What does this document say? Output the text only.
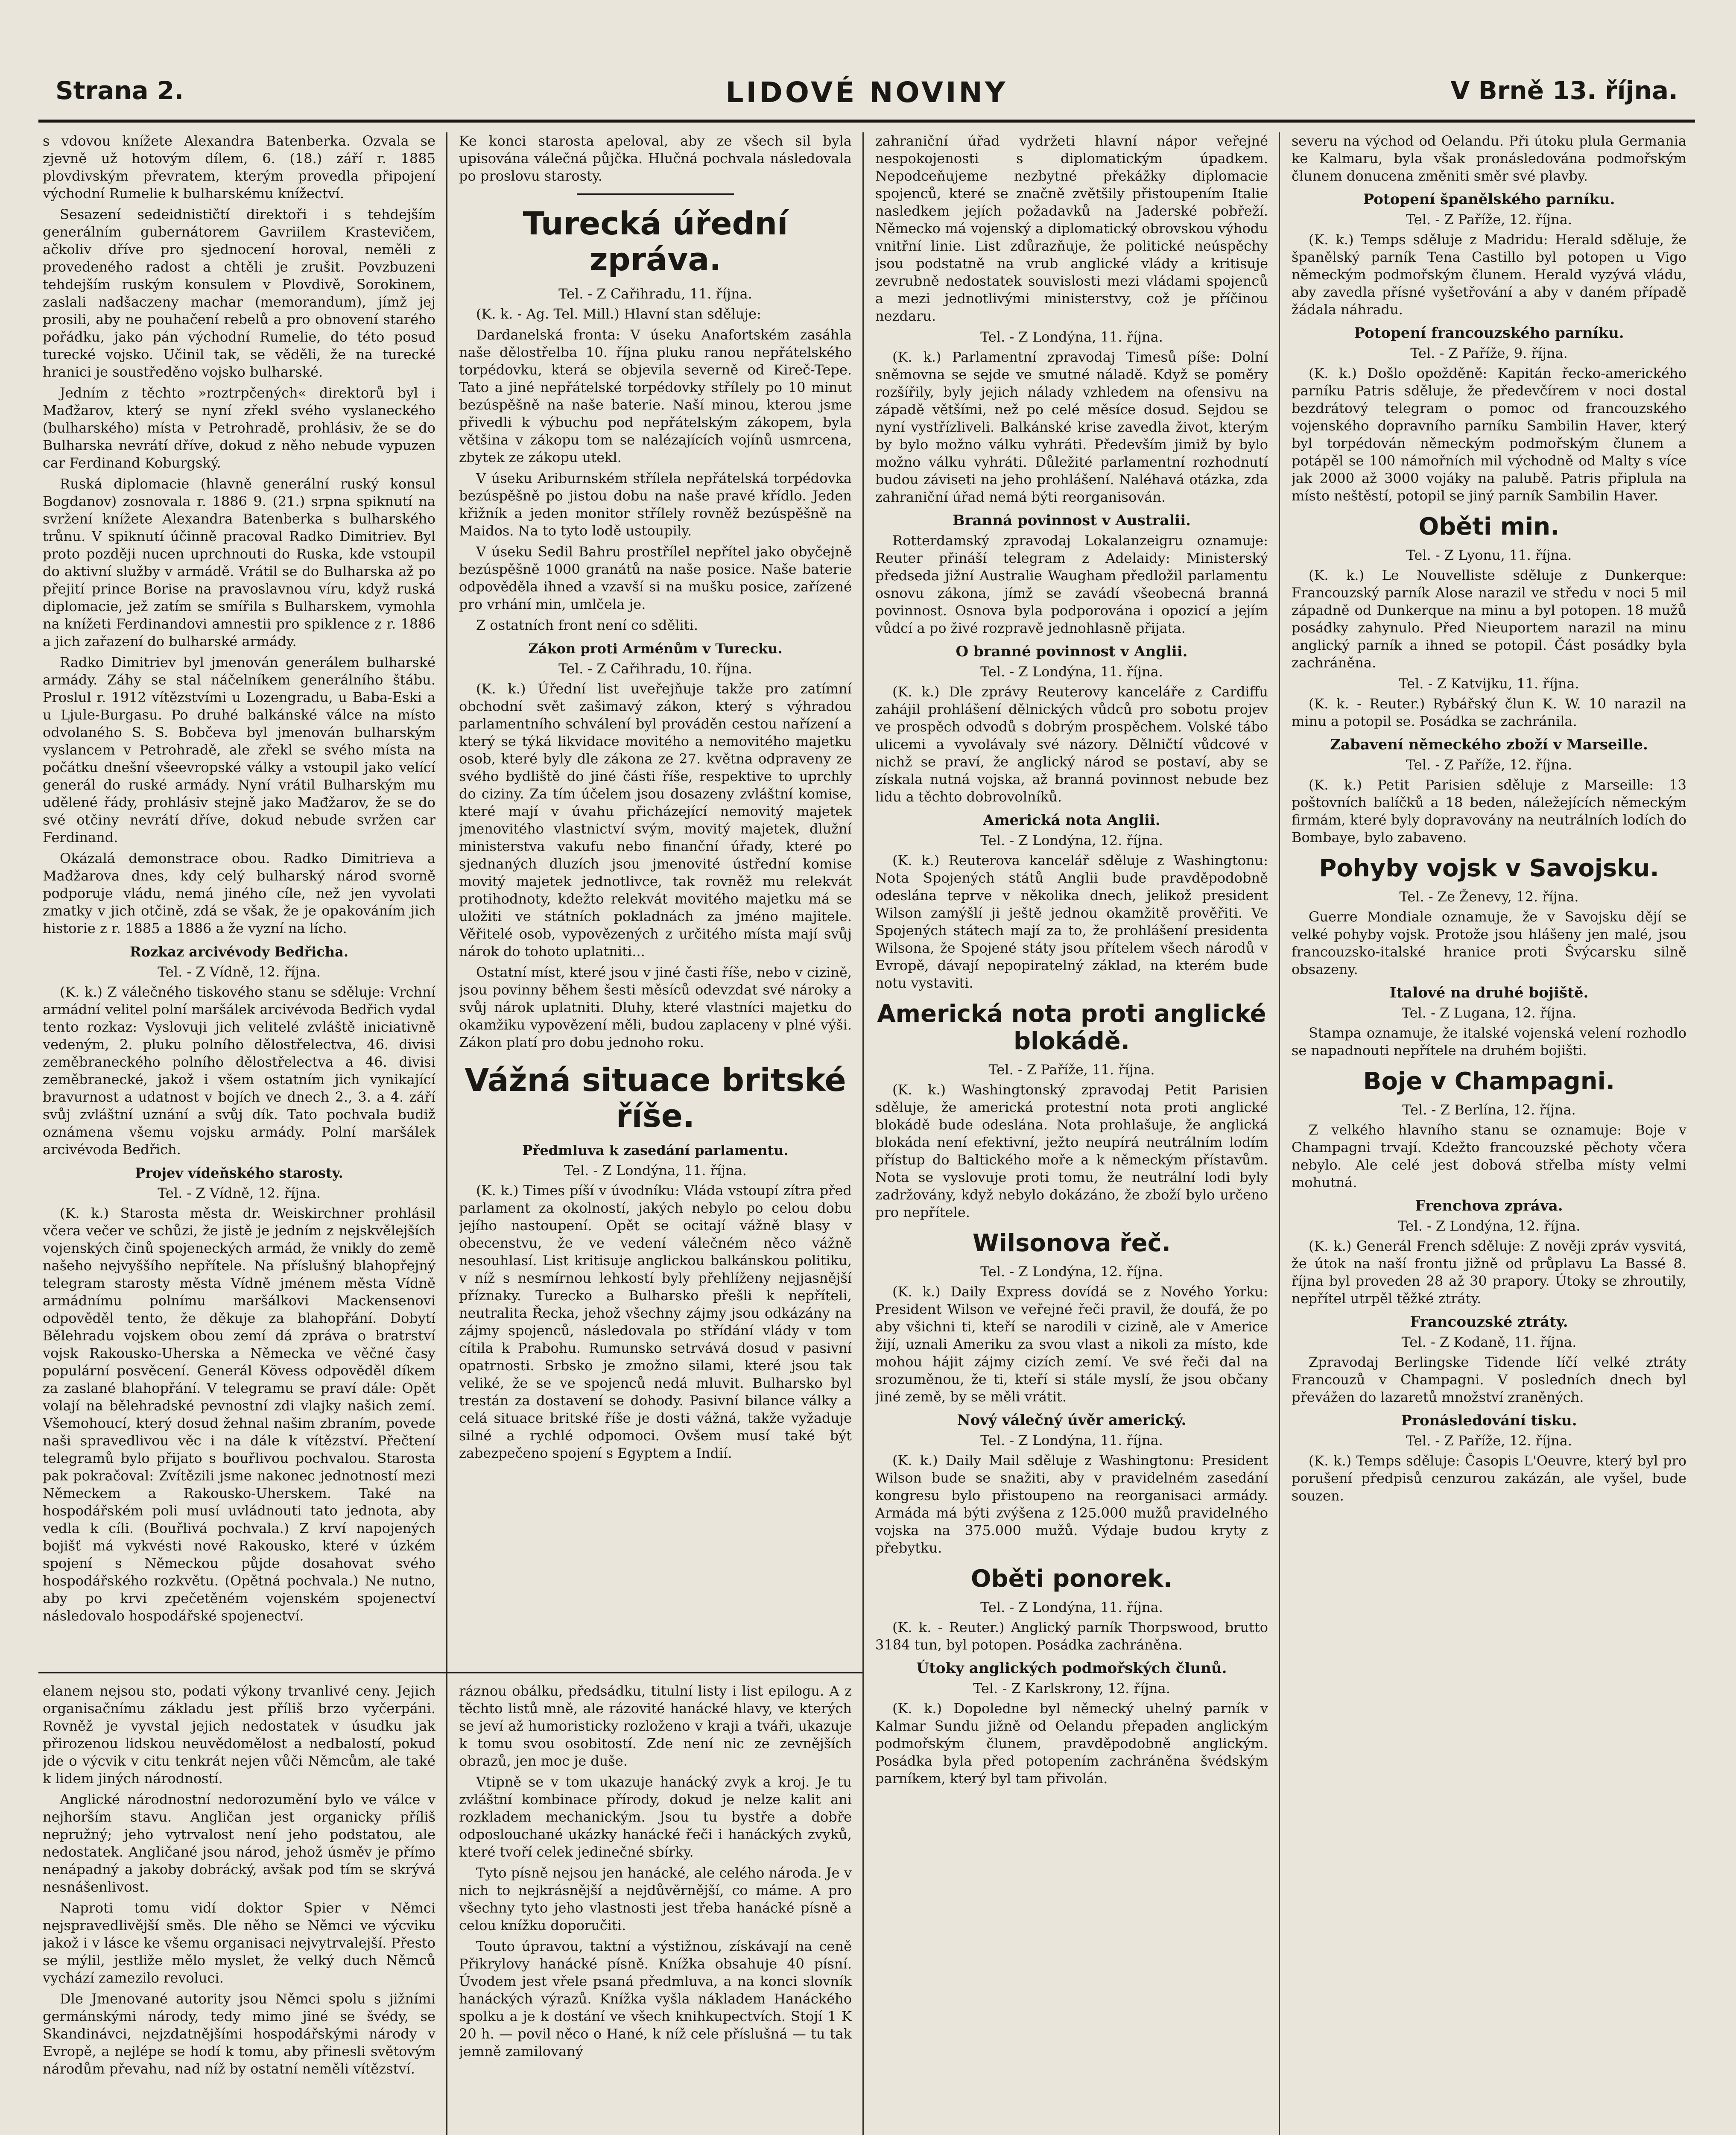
Strana 2.	LIDOVÉ NOVINY	V Brně 13. října.

s vdovou knížete Alexandra Batenberka. Ozvala se zjevně už hotovým dílem, 6. (18.) září r. 1885 plovdivským převratem, kterým provedla připojení východní Rumelie k bulharskému knížectví.

Sesazení sedeidnističtí direktoři i s tehdejším generálním gubernátorem Gavriilem Krastevičem, ačkoliv dříve pro sjednocení horoval, neměli z provedeného radost a chtěli je zrušit. Povzbuzeni tehdejším ruským konsulem v Plovdivě, Sorokinem, zaslali nadšaczeny machar (memorandum), jímž jej prosili, aby ne pouhačení rebelů a pro obnovení starého pořádku, jako pán východní Rumelie, do této posud turecké vojsko. Učinil tak, se věděli, že na turecké hranici je soustředěno vojsko bulharské.

Jedním z těchto »roztrpčených« direktorů byl i Mađžarov, který se nyní zřekl svého vyslaneckého (bulharského) místa v Petrohradě, prohlásiv, že se do Bulharska nevrátí dříve, dokud z něho nebude vypuzen car Ferdinand Koburgský.

Ruská diplomacie (hlavně generální ruský konsul Bogdanov) zosnovala r. 1886 9. (21.) srpna spiknutí na svržení knížete Alexandra Batenberka s bulharského trůnu. V spiknutí účinně pracoval Radko Dimitriev. Byl proto později nucen uprchnouti do Ruska, kde vstoupil do aktivní služby v armádě. Vrátil se do Bulharska až po přejití prince Borise na pravoslavnou víru, když ruská diplomacie, jež zatím se smířila s Bulharskem, vymohla na knížeti Ferdinandovi amnestii pro spiklence z r. 1886 a jich zařazení do bulharské armády.

Radko Dimitriev byl jmenován generálem bulharské armády. Záhy se stal náčelníkem generálního štábu. Proslul r. 1912 vítězstvími u Lozengradu, u Baba-Eski a u Ljule-Burgasu. Po druhé balkánské válce na místo odvolaného S. S. Bobčeva byl jmenován bulharským vyslancem v Petrohradě, ale zřekl se svého místa na počátku dnešní všeevropské války a vstoupil jako velící generál do ruské armády. Nyní vrátil Bulharským mu udělené řády, prohlásiv stejně jako Mađžarov, že se do své otčiny nevrátí dříve, dokud nebude svržen car Ferdinand.

Okázalá demonstrace obou. Radko Dimitrieva a Mađžarova dnes, kdy celý bulharský národ svorně podporuje vládu, nemá jiného cíle, než jen vyvolati zmatky v jich otčině, zdá se však, že je opakováním jich historie z r. 1885 a 1886 a že vyzní na lícho.

Rozkaz arcivévody Bedřicha.
Tel. - Z Vídně, 12. října.

(K. k.) Z válečného tiskového stanu se sděluje: Vrchní armádní velitel polní maršálek arcivévoda Bedřich vydal tento rozkaz: Vyslovuji jich velitelé zvláště iniciativně vedeným, 2. pluku polního dělostřelectva, 46. divisi zeměbraneckého polního dělostřelectva a 46. divisi zeměbranecké, jakož i všem ostatním jich vynikající bravurnost a udatnost v bojích ve dnech 2., 3. a 4. září svůj zvláštní uznání a svůj dík. Tato pochvala budiž oznámena všemu vojsku armády. Polní maršálek arcivévoda Bedřich.

Projev vídeňského starosty.
Tel. - Z Vídně, 12. října.

(K. k.) Starosta města dr. Weiskirchner prohlásil včera večer ve schůzi, že jistě je jedním z nejskvělejších vojenských činů spojeneckých armád, že vnikly do země našeho nejvyššího nepřítele. Na příslušný blahopřejný telegram starosty města Vídně jménem města Vídně armádnímu polnímu maršálkovi Mackensenovi odpověděl tento, že děkuje za blahopřání. Dobytí Bělehradu vojskem obou zemí dá zpráva o bratrství vojsk Rakousko-Uherska a Německa ve věčné časy populární posvěcení. Generál Kövess odpověděl díkem za zaslané blahopřání. V telegramu se praví dále: Opět volají na bělehradské pevnostní zdi vlajky našich zemí. Všemohoucí, který dosud žehnal našim zbraním, povede naši spravedlivou věc i na dále k vítězství. Přečtení telegramů bylo přijato s bouřlivou pochvalou. Starosta pak pokračoval: Zvítězili jsme nakonec jednotností mezi Německem a Rakousko-Uherskem. Také na hospodářském poli musí uvládnouti tato jednota, aby vedla k cíli. (Bouřlivá pochvala.) Z krví napojených bojišť má vykvésti nové Rakousko, které v úzkém spojení s Německou půjde dosahovat svého hospodářského rozkvětu. (Opětná pochvala.) Ne nutno, aby po krvi zpečetěném vojenském spojenectví následovalo hospodářské spojenectví.

Ke konci starosta apeloval, aby ze všech sil byla upisována válečná půjčka. Hlučná pochvala následovala po proslovu starosty.

Turecká úřední zpráva.
Tel. - Z Cařihradu, 11. října.

(K. k. - Ag. Tel. Mill.) Hlavní stan sděluje:

Dardanelská fronta: V úseku Anafortském zasáhla naše dělostřelba 10. října pluku ranou nepřátelského torpédovku, která se objevila severně od Kireč-Tepe. Tato a jiné nepřátelské torpédovky střílely po 10 minut bezúspěšně na naše baterie. Naší minou, kterou jsme přivedli k výbuchu pod nepřátelským zákopem, byla většina v zákopu tom se nalézajících vojínů usmrcena, zbytek ze zákopu utekl.

V úseku Ariburnském střílela nepřátelská torpédovka bezúspěšně po jistou dobu na naše pravé křídlo. Jeden křižník a jeden monitor střílely rovněž bezúspěšně na Maidos. Na to tyto lodě ustoupily.

V úseku Sedil Bahru prostřílel nepřítel jako obyčejně bezúspěšně 1000 granátů na naše posice. Naše baterie odpověděla ihned a vzavší si na mušku posice, zařízené pro vrhání min, umlčela je.

Z ostatních front není co sděliti.

Zákon proti Arménům v Turecku.
Tel. - Z Cařihradu, 10. října.

(K. k.) Úřední list uveřejňuje takže pro zatímní obchodní svět zašimavý zákon, který s výhradou parlamentního schválení byl prováděn cestou nařízení a který se týká likvidace movitého a nemovitého majetku osob, které byly dle zákona ze 27. května odpraveny ze svého bydliště do jiné části říše, respektive to uprchly do ciziny. Za tím účelem jsou dosazeny zvláštní komise, které mají v úvahu přicházející nemovitý majetek jmenovitého vlastnictví svým, movitý majetek, dlužní ministerstva vakufu nebo finanční úřady, které po sjednaných dluzích jsou jmenovité ústřední komise movitý majetek jednotlivce, tak rovněž mu relekvát protihodnoty, kdežto relekvát movitého majetku má se uložiti ve státních pokladnách za jméno majitele. Věřitelé osob, vypovězených z určitého místa mají svůj nárok do tohoto uplatniti...

Ostatní míst, které jsou v jiné časti říše, nebo v cizině, jsou povinny během šesti měsíců odevzdat své nároky a svůj nárok uplatniti. Dluhy, které vlastníci majetku do okamžiku vypovězení měli, budou zaplaceny v plné výši. Zákon platí pro dobu jednoho roku.

Vážná situace britské říše.
Předmluva k zasedání parlamentu.
Tel. - Z Londýna, 11. října.

(K. k.) Times píší v úvodníku: Vláda vstoupí zítra před parlament za okolností, jakých nebylo po celou dobu jejího nastoupení. Opět se ocitají vážně blasy v obecenstvu, že ve vedení válečném něco vážně nesouhlasí. List kritisuje anglickou balkánskou politiku, v níž s nesmírnou lehkostí byly přehlíženy nejjasnější příznaky. Turecko a Bulharsko přešli k nepříteli, neutralita Řecka, jehož všechny zájmy jsou odkázány na zájmy spojenců, následovala po střídání vlády v tom cítila k Prabohu. Rumunsko setrvává dosud v pasivní opatrnosti. Srbsko je zmožno silami, které jsou tak veliké, že se ve spojenců nedá mluvit. Bulharsko byl trestán za dostavení se dohody. Pasivní bilance války a celá situace britské říše je dosti vážná, takže vyžaduje silné a rychlé odpomoci. Ovšem musí také být zabezpečeno spojení s Egyptem a Indií.

zahraniční úřad vydržeti hlavní nápor veřejné nespokojenosti s diplomatickým úpadkem. Nepodceňujeme nezbytné překážky diplomacie spojenců, které se značně zvětšily přistoupením Italie nasledkem jejích požadavků na Jaderské pobřeží. Německo má vojenský a diplomatický obrovskou výhodu vnitřní linie. List zdůrazňuje, že politické neúspěchy jsou podstatně na vrub anglické vlády a kritisuje zevrubně nedostatek souvislosti mezi vládami spojenců a mezi jednotlivými ministerstvy, což je příčinou nezdaru.

Tel. - Z Londýna, 11. října.

(K. k.) Parlamentní zpravodaj Timesů píše: Dolní sněmovna se sejde ve smutné náladě. Když se poměry rozšířily, byly jejich nálady vzhledem na ofensivu na západě většími, než po celé měsíce dosud. Sejdou se nyní vystřízliveli. Balkánské krise zavedla život, kterým by bylo možno válku vyhráti. Především jimiž by bylo možno válku vyhráti. Důležité parlamentní rozhodnutí budou záviseti na jeho prohlášení. Naléhavá otázka, zda zahraniční úřad nemá býti reorganisován.

Branná povinnost v Australii.

Rotterdamský zpravodaj Lokalanzeigru oznamuje: Reuter přináší telegram z Adelaidy: Ministerský předseda jižní Australie Waugham předložil parlamentu osnovu zákona, jímž se zavádí všeobecná branná povinnost. Osnova byla podporována i opozicí a jejím vůdcí a po živé rozpravě jednohlasně přijata.

O branné povinnost v Anglii.
Tel. - Z Londýna, 11. října.

(K. k.) Dle zprávy Reuterovy kanceláře z Cardiffu zahájil prohlášení dělnických vůdců pro sobotu projev ve prospěch odvodů s dobrým prospěchem. Volské tábo ulicemi a vyvolávaly své názory. Dělničtí vůdcové v nichž se praví, že anglický národ se postaví, aby se získala nutná vojska, až branná povinnost nebude bez lidu a těchto dobrovolníků.

Americká nota Anglii.
Tel. - Z Londýna, 12. října.

(K. k.) Reuterova kancelář sděluje z Washingtonu: Nota Spojených států Anglii bude pravděpodobně odeslána teprve v několika dnech, jelikož president Wilson zamýšlí ji ještě jednou okamžitě prověřiti. Ve Spojených státech mají za to, že prohlášení presidenta Wilsona, že Spojené státy jsou přítelem všech národů v Evropě, dávají nepopiratelný základ, na kterém bude notu vystaviti.

Americká nota proti anglické blokádě.
Tel. - Z Paříže, 11. října.

(K. k.) Washingtonský zpravodaj Petit Parisien sděluje, že americká protestní nota proti anglické blokádě bude odeslána. Nota prohlašuje, že anglická blokáda není efektivní, ježto neupírá neutrálním lodím přístup do Baltického moře a k německým přístavům. Nota se vyslovuje proti tomu, že neutrální lodi byly zadržovány, když nebylo dokázáno, že zboží bylo určeno pro nepřítele.

Wilsonova řeč.
Tel. - Z Londýna, 12. října.

(K. k.) Daily Express dovídá se z Nového Yorku: President Wilson ve veřejné řeči pravil, že doufá, že po aby všichni ti, kteří se narodili v cizině, ale v Americe žijí, uznali Ameriku za svou vlast a nikoli za místo, kde mohou hájit zájmy cizích zemí. Ve své řeči dal na srozuměnou, že ti, kteří si stále myslí, že jsou občany jiné země, by se měli vrátit.

Nový válečný úvěr americký.
Tel. - Z Londýna, 11. října.

(K. k.) Daily Mail sděluje z Washingtonu: President Wilson bude se snažiti, aby v pravidelném zasedání kongresu bylo přistoupeno na reorganisaci armády. Armáda má býti zvýšena z 125.000 mužů pravidelného vojska na 375.000 mužů. Výdaje budou kryty z přebytku.

Oběti ponorek.
Tel. - Z Londýna, 11. října.

(K. k. - Reuter.) Anglický parník Thorpswood, brutto 3184 tun, byl potopen. Posádka zachráněna.

Útoky anglických podmořských člunů.
Tel. - Z Karlskrony, 12. října.

(K. k.) Dopoledne byl německý uhelný parník v Kalmar Sundu jižně od Oelandu přepaden anglickým podmořským člunem, pravděpodobně anglickým. Posádka byla před potopením zachráněna švédským parníkem, který byl tam přivolán.

severu na východ od Oelandu. Při útoku plula Germania ke Kalmaru, byla však pronásledována podmořským člunem donucena změniti směr své plavby.

Potopení španělského parníku.
Tel. - Z Paříže, 12. října.

(K. k.) Temps sděluje z Madridu: Herald sděluje, že španělský parník Tena Castillo byl potopen u Vigo německým podmořským člunem. Herald vyzývá vládu, aby zavedla přísné vyšetřování a aby v daném případě žádala náhradu.

Potopení francouzského parníku.
Tel. - Z Paříže, 9. října.

(K. k.) Došlo opožděně: Kapitán řecko-amerického parníku Patris sděluje, že předevčírem v noci dostal bezdrátový telegram o pomoc od francouzského vojenského dopravního parníku Sambilin Haver, který byl torpédován německým podmořským člunem a potápěl se 100 námořních mil východně od Malty s více jak 2000 až 3000 vojáky na palubě. Patris připlula na místo neštěstí, potopil se jiný parník Sambilin Haver.

Oběti min.
Tel. - Z Lyonu, 11. října.

(K. k.) Le Nouvelliste sděluje z Dunkerque: Francouzský parník Alose narazil ve středu v noci 5 mil západně od Dunkerque na minu a byl potopen. 18 mužů posádky zahynulo. Před Nieuportem narazil na minu anglický parník a ihned se potopil. Část posádky byla zachráněna.

Tel. - Z Katvijku, 11. října.

(K. k. - Reuter.) Rybářský člun K. W. 10 narazil na minu a potopil se. Posádka se zachránila.

Zabavení německého zboží v Marseille.
Tel. - Z Paříže, 12. října.

(K. k.) Petit Parisien sděluje z Marseille: 13 poštovních balíčků a 18 beden, náležejících německým firmám, které byly dopravovány na neutrálních lodích do Bombaye, bylo zabaveno.

Pohyby vojsk v Savojsku.
Tel. - Ze Ženevy, 12. října.

Guerre Mondiale oznamuje, že v Savojsku dějí se velké pohyby vojsk. Protože jsou hlášeny jen malé, jsou francouzsko-italské hranice proti Švýcarsku silně obsazeny.

Italové na druhé bojiště.
Tel. - Z Lugana, 12. října.

Stampa oznamuje, že italské vojenská velení rozhodlo se napadnouti nepřítele na druhém bojišti.

Boje v Champagni.
Tel. - Z Berlína, 12. října.

Z velkého hlavního stanu se oznamuje: Boje v Champagni trvají. Kdežto francouzské pěchoty včera nebylo. Ale celé jest dobová střelba místy velmi mohutná.

Frenchova zpráva.
Tel. - Z Londýna, 12. října.

(K. k.) Generál French sděluje: Z nověji zpráv vysvitá, že útok na naší frontu jižně od průplavu La Bassé 8. října byl proveden 28 až 30 prapory. Útoky se zhroutily, nepřítel utrpěl těžké ztráty.

Francouzské ztráty.
Tel. - Z Kodaně, 11. října.

Zpravodaj Berlingske Tidende líčí velké ztráty Francouzů v Champagni. V posledních dnech byl převážen do lazaretů množství zraněných.

Pronásledování tisku.
Tel. - Z Paříže, 12. října.

(K. k.) Temps sděluje: Časopis L'Oeuvre, který byl pro porušení předpisů cenzurou zakázán, ale vyšel, bude souzen.

elanem nejsou sto, podati výkony trvanlivé ceny. Jejich organisačnímu základu jest příliš brzo vyčerpáni. Rovněž je vyvstal jejich nedostatek v úsudku jak přirozenou lidskou neuvědomělost a nedbalostí, pokud jde o výcvik v citu tenkrát nejen vůči Němcům, ale také k lidem jiných národností.

Anglické národnostní nedorozumění bylo ve válce v nejhorším stavu. Angličan jest organicky příliš nepružný; jeho vytrvalost není jeho podstatou, ale nedostatek. Angličané jsou národ, jehož úsměv je přímo nenápadný a jakoby dobrácký, avšak pod tím se skrývá nesnášenlivost.

Naproti tomu vidí doktor Spier v Němci nejspravedlivější směs. Dle něho se Němci ve výcviku jakož i v lásce ke všemu organisaci nejvytrvalejší. Přesto se mýlil, jestliže mělo myslet, že velký duch Němců vychází zamezilo revoluci.

Dle Jmenované autority jsou Němci spolu s jižními germánskými národy, tedy mimo jiné se švédy, se Skandinávci, nejzdatnějšími hospodářskými národy v Evropě, a nejlépe se hodí k tomu, aby přinesli světovým národům převahu, nad níž by ostatní neměli vítězství.

ráznou obálku, předsádku, titulní listy i list epilogu. A z těchto listů mně, ale rázovité hanácké hlavy, ve kterých se jeví až humoristicky rozloženo v kraji a tváři, ukazuje k tomu svou osobitostí. Zde není nic ze zevnějších obrazů, jen moc je duše.

Vtipně se v tom ukazuje hanácký zvyk a kroj. Je tu zvláštní kombinace přírody, dokud je nelze kalit ani rozkladem mechanickým. Jsou tu bystře a dobře odposlouchané ukázky hanácké řeči i hanáckých zvyků, které tvoří celek jedinečné sbírky.

Tyto písně nejsou jen hanácké, ale celého národa. Je v nich to nejkrásnější a nejdůvěrnější, co máme. A pro všechny tyto jeho vlastnosti jest třeba hanácké písně a celou knížku doporučiti.

Touto úpravou, taktní a výstižnou, získávají na ceně Přikrylovy hanácké písně. Knížka obsahuje 40 písní. Úvodem jest vřele psaná předmluva, a na konci slovník hanáckých výrazů. Knížka vyšla nákladem Hanáckého spolku a je k dostání ve všech knihkupectvích. Stojí 1 K 20 h. — povil něco o Hané, k níž cele příslušná — tu tak jemně zamilovaný
